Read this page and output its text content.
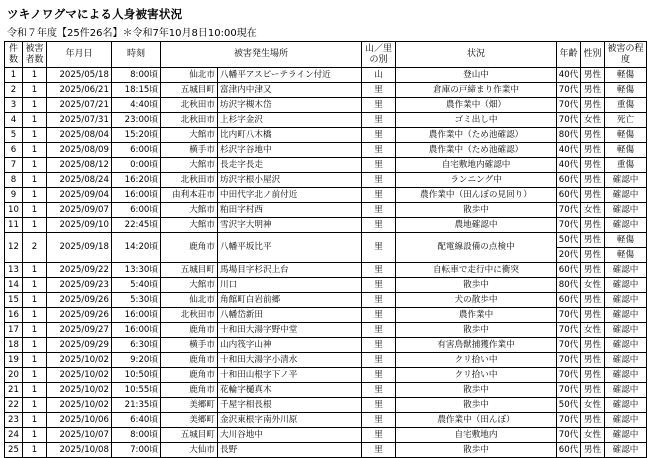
ツキノワグマによる人身被害状況
令和７年度【25件26名】＊令和7年10月8日10:00現在
件数	被害者数	年月日	時刻	被害発生場所		山／里の別	状況	年齢	性別	被害の程度
1	1	2025/05/18	8:00頃	仙北市	八幡平アスピーテライン付近	山	登山中	40代	男性	軽傷
2	1	2025/06/21	18:15頃	五城目町	富津内中津又	里	倉庫の戸締まり作業中	70代	男性	軽傷
3	1	2025/07/21	4:40頃	北秋田市	坊沢字槻木岱	里	農作業中（畑）	70代	男性	重傷
4	1	2025/07/31	23:00頃	北秋田市	上杉字金沢	里	ゴミ出し中	70代	女性	死亡
5	1	2025/08/04	15:20頃	大館市	比内町八木橋	里	農作業中（ため池確認）	80代	男性	軽傷
6	1	2025/08/09	6:00頃	横手市	杉沢字谷地中	里	農作業中（ため池確認）	40代	男性	軽傷
7	1	2025/08/12	0:00頃	大館市	長走字長走	里	自宅敷地内確認中	40代	男性	重傷
8	1	2025/08/24	16:20頃	北秋田市	坊沢字根小屋沢	里	ランニング中	60代	男性	確認中
9	1	2025/09/04	16:00頃	由利本荘市	中田代字北ノ前付近	里	農作業中（田んぼの見回り）	60代	男性	確認中
10	1	2025/09/07	6:00頃	大館市	粕田字村西	里	散歩中	70代	女性	確認中
11	1	2025/09/10	22:45頃	大館市	雪沢字大明神	里	農地確認中	70代	男性	確認中
12	2	2025/09/18	14:20頃	鹿角市	八幡平坂比平	里	配電線設備の点検中	50代	男性	軽傷
								20代	男性	軽傷
13	1	2025/09/22	13:30頃	五城目町	馬場目字杉沢上台	里	自転車で走行中に衝突	60代	男性	確認中
14	1	2025/09/23	5:40頃	大館市	川口	里	散歩中	80代	女性	確認中
15	1	2025/09/26	5:30頃	仙北市	角館町白岩前郷	里	犬の散歩中	60代	男性	確認中
16	1	2025/09/26	16:00頃	北秋田市	八幡岱新田	里	農作業中	70代	男性	確認中
17	1	2025/09/27	16:00頃	鹿角市	十和田大湯字野中堂	里	散歩中	70代	女性	確認中
18	1	2025/09/29	6:30頃	横手市	山内筏字山神	里	有害鳥獣捕獲作業中	70代	男性	確認中
19	1	2025/10/02	9:20頃	鹿角市	十和田大湯字小清水	里	クリ拾い中	70代	男性	確認中
20	1	2025/10/02	10:50頃	鹿角市	十和田山根字下ノ平	里	クリ拾い中	70代	男性	確認中
21	1	2025/10/02	10:55頃	鹿角市	花輪字樋真木	里	散歩中	70代	男性	確認中
22	1	2025/10/02	21:35頃	美郷町	千屋字相長根	里	散歩中	50代	女性	確認中
23	1	2025/10/06	6:40頃	美郷町	金沢東根字南外川原	里	農作業中（田んぼ）	70代	男性	確認中
24	1	2025/10/07	8:00頃	五城目町	大川谷地中	里	自宅敷地内	70代	女性	確認中
25	1	2025/10/08	7:00頃	大仙市	長野	里	散歩中	60代	男性	確認中
